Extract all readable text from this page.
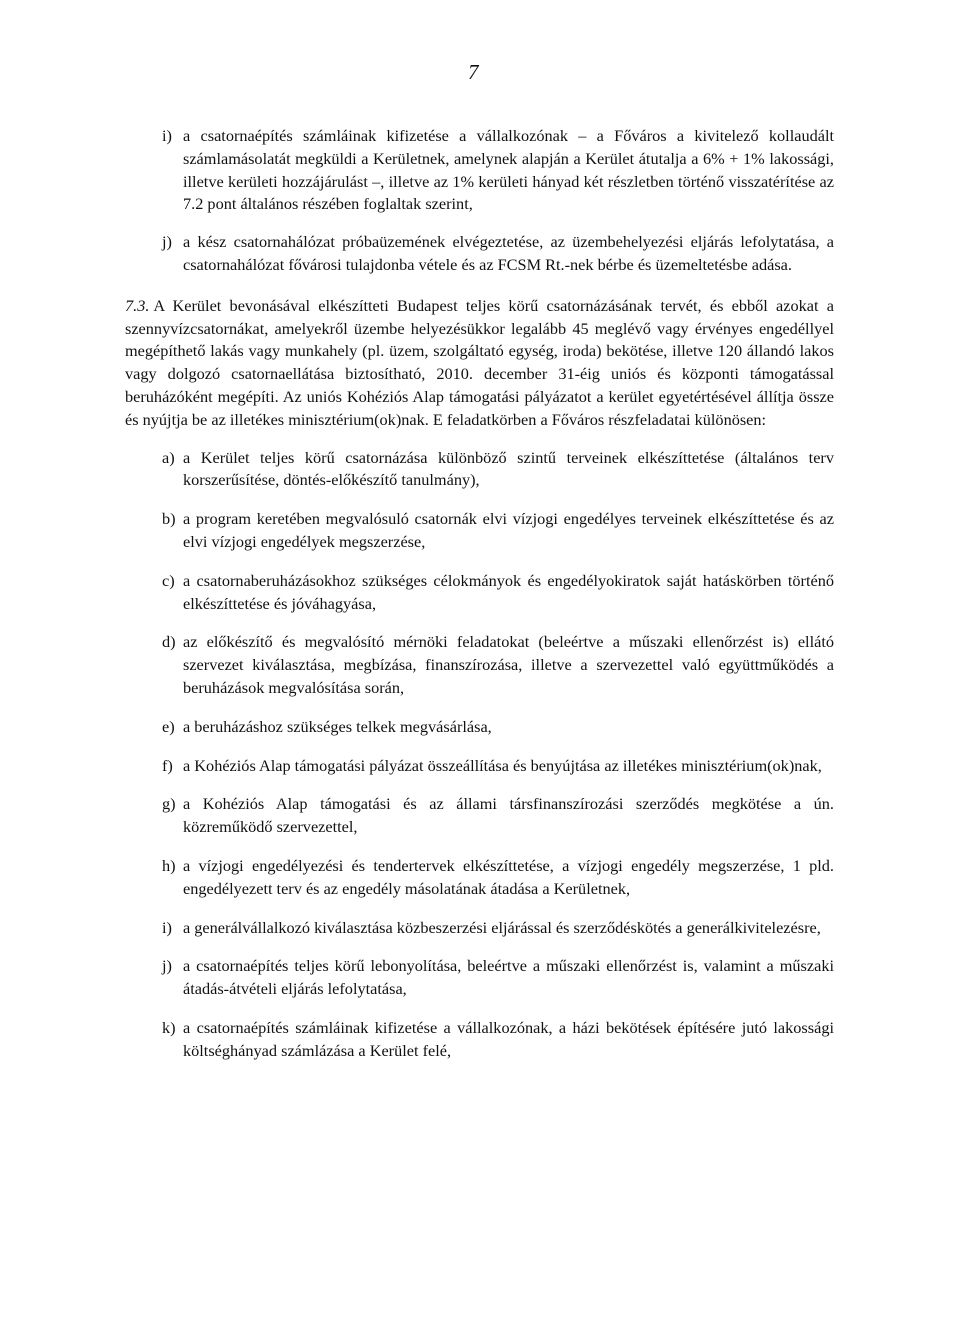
7
i) a csatornaépítés számláinak kifizetése a vállalkozónak – a Főváros a kivitelező kollaudált számlamásolatát megküldi a Kerületnek, amelynek alapján a Kerület átutalja a 6% + 1% lakossági, illetve kerületi hozzájárulást –, illetve az 1% kerületi hányad két részletben történő visszatérítése az 7.2 pont általános részében foglaltak szerint,
j) a kész csatornahálózat próbaüzemének elvégeztetése, az üzembehelyezési eljárás lefolytatása, a csatornahálózat fővárosi tulajdonba vétele és az FCSM Rt.-nek bérbe és üzemeltetésbe adása.
7.3. A Kerület bevonásával elkészítteti Budapest teljes körű csatornázásának tervét, és ebből azokat a szennyvízcsatornákat, amelyekről üzembe helyezésükkor legalább 45 meglévő vagy érvényes engedéllyel megépíthető lakás vagy munkahely (pl. üzem, szolgáltató egység, iroda) bekötése, illetve 120 állandó lakos vagy dolgozó csatornaellátása biztosítható, 2010. december 31-éig uniós és központi támogatással beruházóként megépíti. Az uniós Kohéziós Alap támogatási pályázatot a kerület egyetértésével állítja össze és nyújtja be az illetékes minisztérium(ok)nak. E feladatkörben a Főváros részfeladatai különösen:
a) a Kerület teljes körű csatornázása különböző szintű terveinek elkészíttetése (általános terv korszerűsítése, döntés-előkészítő tanulmány),
b) a program keretében megvalósuló csatornák elvi vízjogi engedélyes terveinek elkészíttetése és az elvi vízjogi engedélyek megszerzése,
c) a csatornaberuházásokhoz szükséges célokmányok és engedélyokiratok saját hatáskörben történő elkészíttetése és jóváhagyása,
d) az előkészítő és megvalósító mérnöki feladatokat (beleértve a műszaki ellenőrzést is) ellátó szervezet kiválasztása, megbízása, finanszírozása, illetve a szervezettel való együttműködés a beruházások megvalósítása során,
e) a beruházáshoz szükséges telkek megvásárlása,
f) a Kohéziós Alap támogatási pályázat összeállítása és benyújtása az illetékes minisztérium(ok)nak,
g) a Kohéziós Alap támogatási és az állami társfinanszírozási szerződés megkötése a ún. közreműködő szervezettel,
h) a vízjogi engedélyezési és tendertervek elkészíttetése, a vízjogi engedély megszerzése, 1 pld. engedélyezett terv és az engedély másolatának átadása a Kerületnek,
i) a generálvállalkozó kiválasztása közbeszerzési eljárással és szerződéskötés a generálkivitelezésre,
j) a csatornaépítés teljes körű lebonyolítása, beleértve a műszaki ellenőrzést is, valamint a műszaki átadás-átvételi eljárás lefolytatása,
k) a csatornaépítés számláinak kifizetése a vállalkozónak, a házi bekötések építésére jutó lakossági költséghányad számlázása a Kerület felé,
